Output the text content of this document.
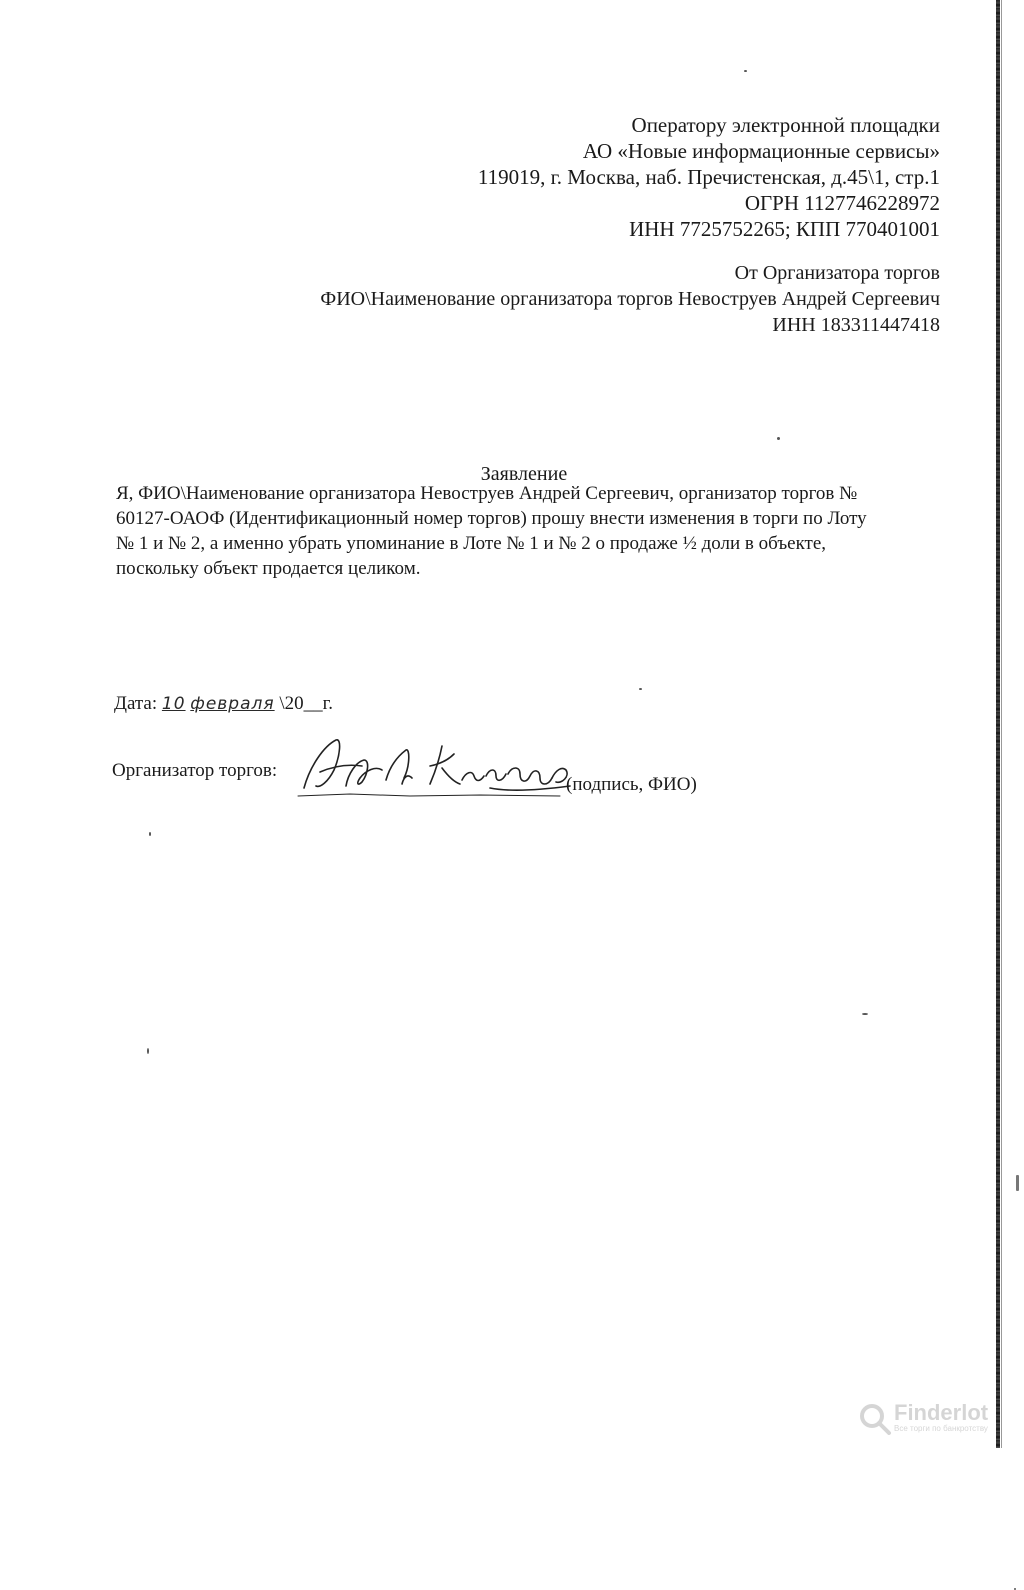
Оператору электронной площадки
АО «Новые информационные сервисы»
119019, г. Москва, наб. Пречистенская, д.45\1, стр.1
ОГРН 1127746228972
ИНН 7725752265; КПП 770401001
От Организатора торгов
ФИО\Наименование организатора торгов Невоструев Андрей Сергеевич
ИНН 183311447418
Заявление
Я, ФИО\Наименование организатора Невоструев Андрей Сергеевич, организатор торгов №
60127-ОАОФ (Идентификационный номер торгов) прошу внести изменения в торги по Лоту
№ 1 и № 2, а именно убрать упоминание в Лоте № 1 и № 2 о продаже ½ доли в объекте,
поскольку объект продается целиком.
Дата: 10 февраля \20__г.
Организатор торгов:
(подпись, ФИО)
Finderlot
Все торги по банкротству
